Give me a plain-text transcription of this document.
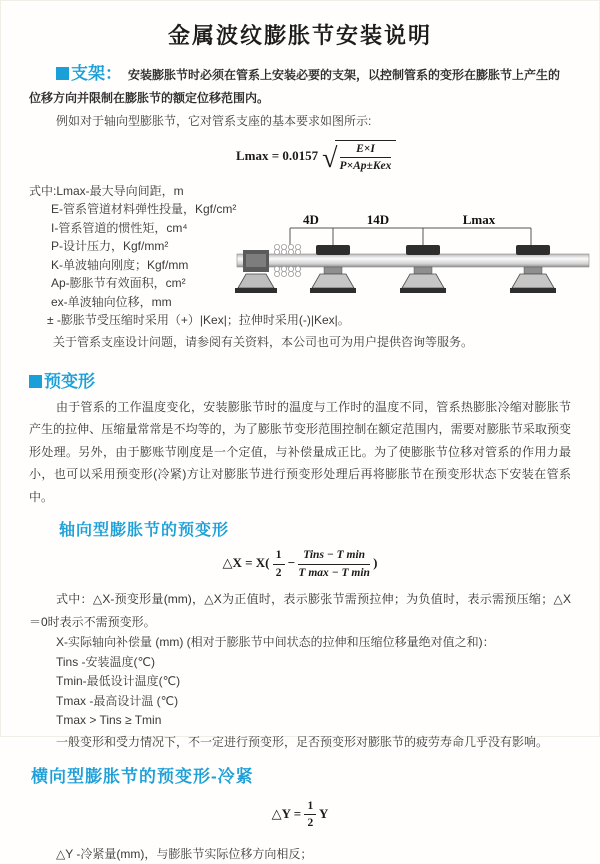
金属波纹膨胀节安装说明

支架： 安装膨胀节时必须在管系上安装必要的支架，以控制管系的变形在膨胀节上产生的位移方向并限制在膨胀节的额定位移范围内。

例如对于轴向型膨胀节，它对管系支座的基本要求如图所示:

Lmax = 0.0157 √ $\frac{E\times I}{\text{P×Ap±Kex}}$

式中:Lmax-最大导向间距，m

E-管系管道材料弹性投量，Kgf/cm²

I-管系管道的惯性矩，cm⁴

P-设计压力，Kgf/mm²

K-单波轴向刚度；Kgf/mm

Ap-膨胀节有效面积，cm²

ex-单波轴向位移，mm

± -膨胀节受压缩时采用（+）|Kex|；拉伸时采用(-)|Kex|。

4D	14D	Lmax

关于管系支座设计问题，请参阅有关资料，本公司也可为用户提供咨询等服务。

预变形

由于管系的工作温度变化，安装膨胀节时的温度与工作时的温度不同，管系热膨胀冷缩对膨胀节产生的拉伸、压缩量常常是不均等的，为了膨胀节变形范围控制在额定范围内，需要对膨胀节采取预变形处理。另外，由于膨账节刚度是一个定值，与补偿量成正比。为了使膨胀节位移对管系的作用力最小，也可以采用预变形(冷紧)方让对膨胀节进行预变形处理后再将膨胀节在预变形状态下安装在管系中。

轴向型膨胀节的预变形
△X = $X( \frac{1}{2} - \frac{\text{Tins − T min}}{\text{T max − T min}}$ )

式中：△X-预变形量(mm)，△X为正值时，表示膨张节需预拉伸；为负值时，表示需预压缩；△X＝0时表示不需预变形。

X-实际轴向补偿量 (mm) (相对于膨胀节中间状态的拉伸和压缩位移量绝对值之和)：

Tins -安装温度(℃)

Tmin-最低设计温度(℃)

Tmax -最高设计温 (℃)

Tmax > Tins ≥ Tmin

一般变形和受力情况下，不一定进行预变形，足否预变形对膨胀节的疲劳寿命几乎没有影响。

横向型膨胀节的预变形-冷紧
△Y = $\frac{1}{2}$ Y

△Y -冷紧量(mm)，与膨胀节实际位移方向相反；
